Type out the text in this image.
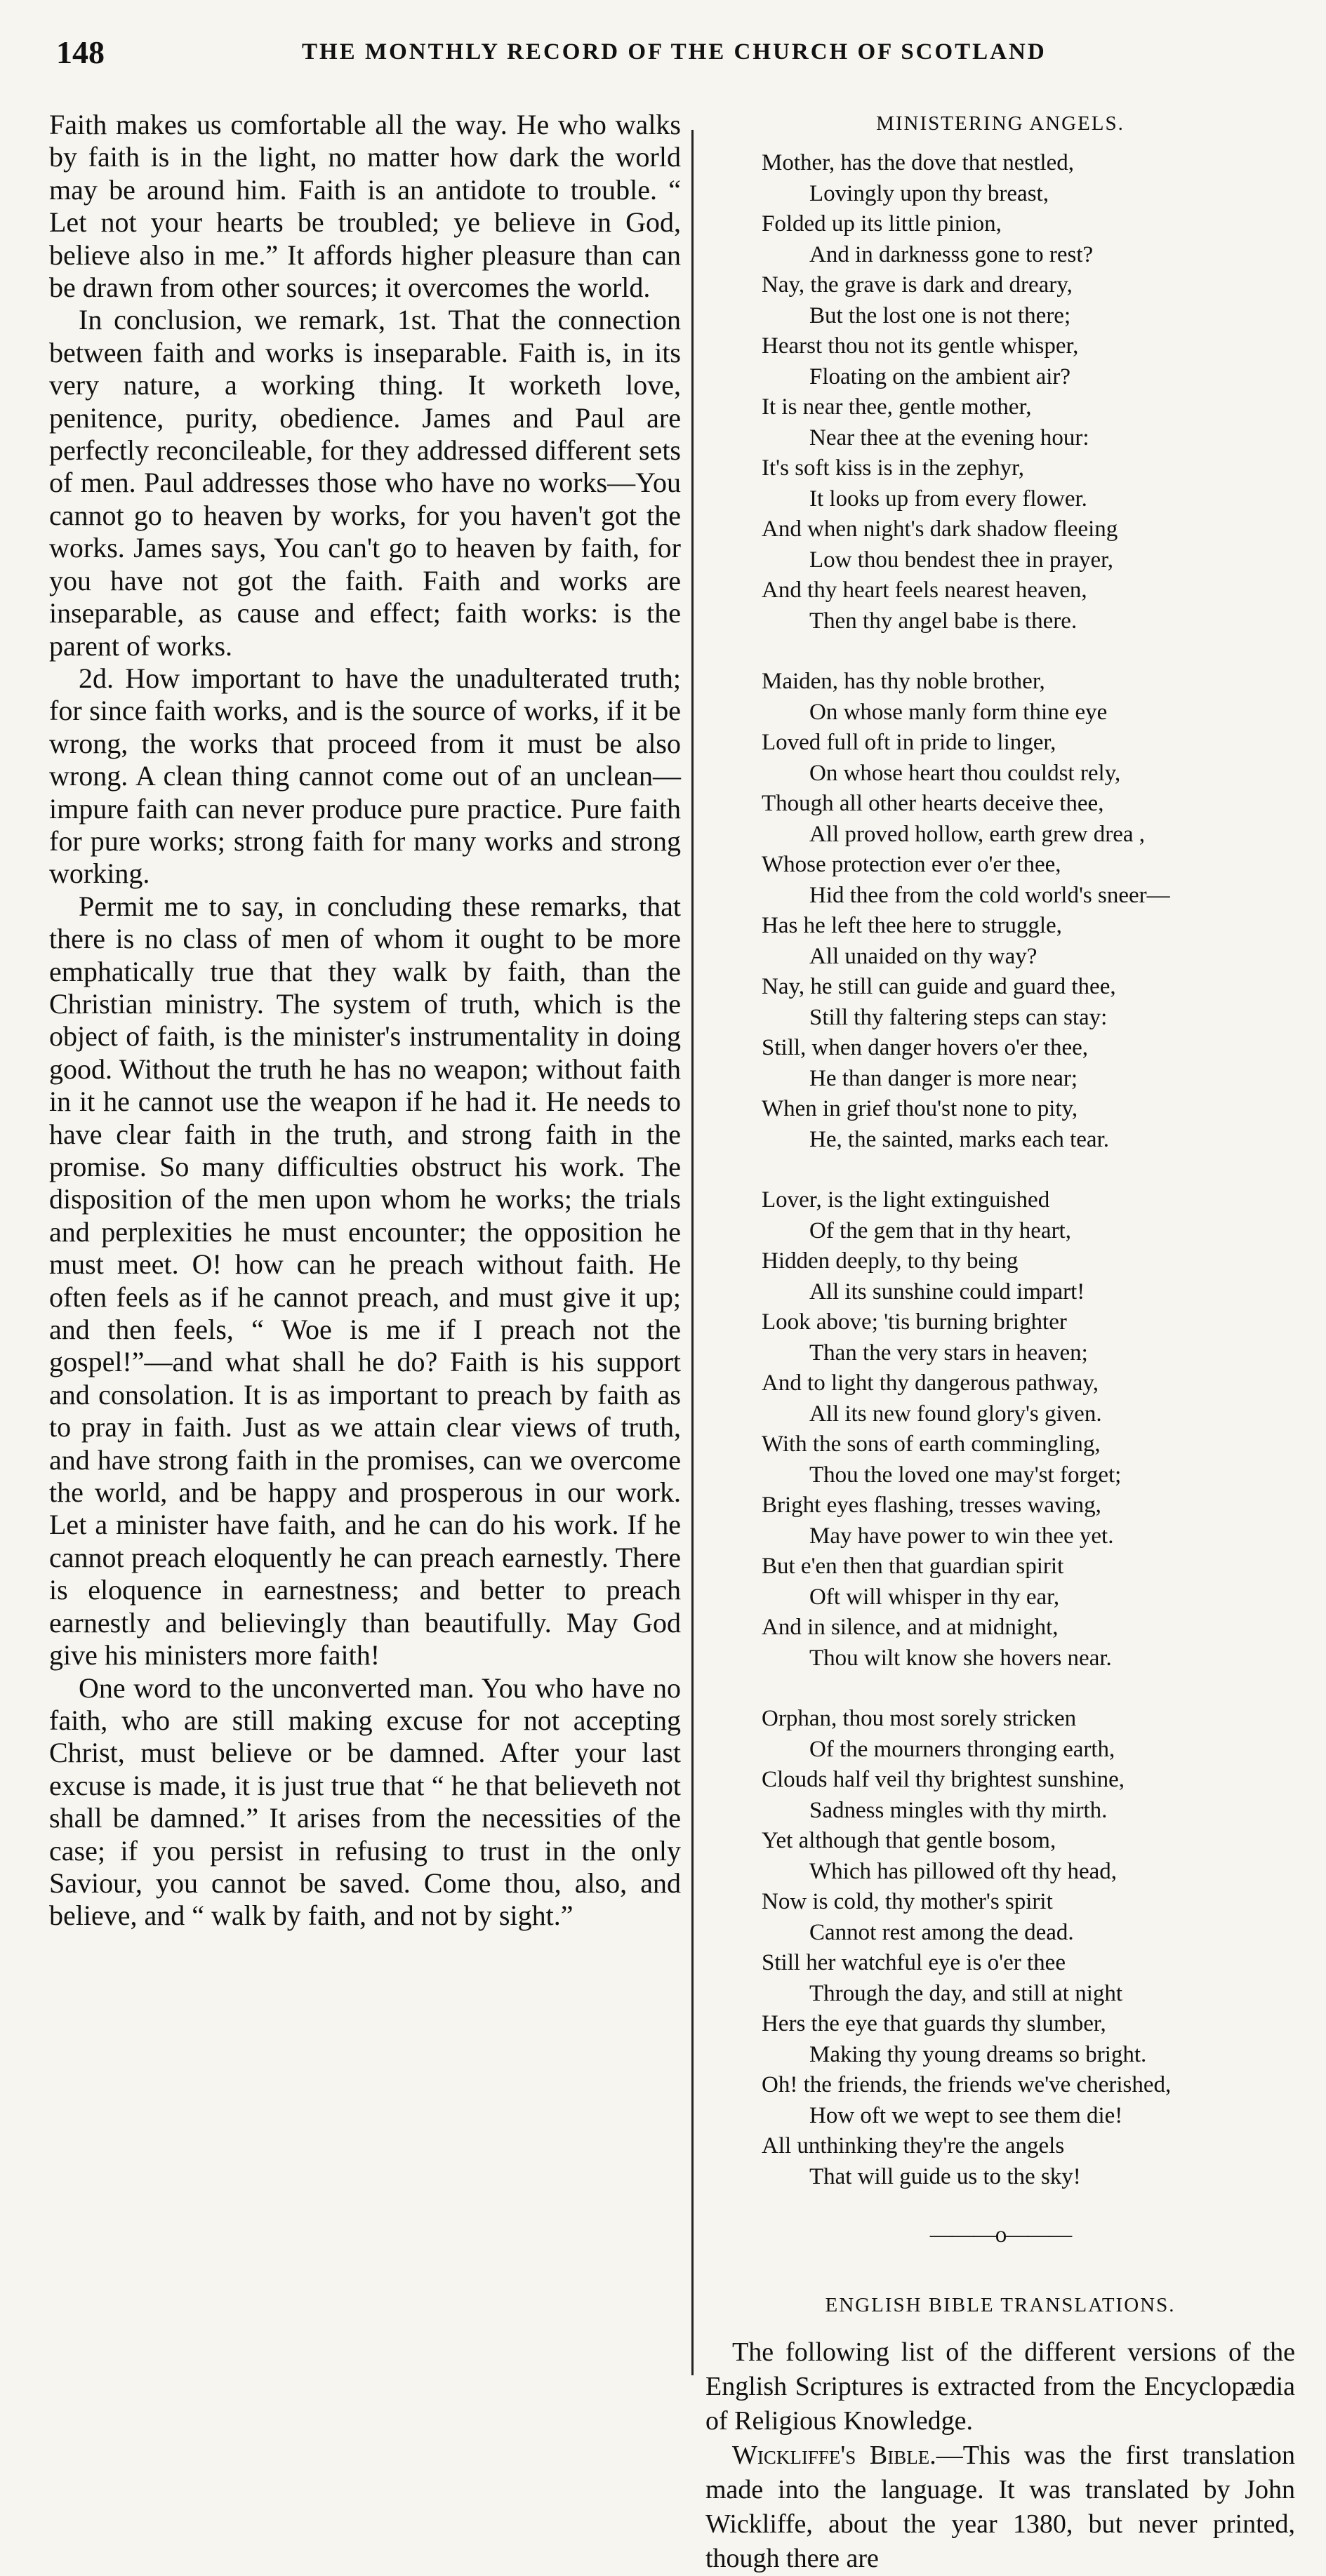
148	THE MONTHLY RECORD OF THE CHURCH OF SCOTLAND

Faith makes us comfortable all the way. He who walks by faith is in the light, no matter how dark the world may be around him. Faith is an antidote to trouble. “ Let not your hearts be troubled; ye believe in God, believe also in me.” It affords higher pleasure than can be drawn from other sources; it overcomes the world.

In conclusion, we remark, 1st. That the connection between faith and works is inseparable. Faith is, in its very nature, a working thing. It worketh love, penitence, purity, obedience. James and Paul are perfectly reconcileable, for they addressed different sets of men. Paul addresses those who have no works—You cannot go to heaven by works, for you haven't got the works. James says, You can't go to heaven by faith, for you have not got the faith. Faith and works are inseparable, as cause and effect; faith works: is the parent of works.

2d. How important to have the unadulterated truth; for since faith works, and is the source of works, if it be wrong, the works that proceed from it must be also wrong. A clean thing cannot come out of an unclean—impure faith can never produce pure practice. Pure faith for pure works; strong faith for many works and strong working.

Permit me to say, in concluding these remarks, that there is no class of men of whom it ought to be more emphatically true that they walk by faith, than the Christian ministry. The system of truth, which is the object of faith, is the minister's instrumentality in doing good. Without the truth he has no weapon; without faith in it he cannot use the weapon if he had it. He needs to have clear faith in the truth, and strong faith in the promise. So many difficulties obstruct his work. The disposition of the men upon whom he works; the trials and perplexities he must encounter; the opposition he must meet. O! how can he preach without faith. He often feels as if he cannot preach, and must give it up; and then feels, “ Woe is me if I preach not the gospel!”—and what shall he do? Faith is his support and consolation. It is as important to preach by faith as to pray in faith. Just as we attain clear views of truth, and have strong faith in the promises, can we overcome the world, and be happy and prosperous in our work. Let a minister have faith, and he can do his work. If he cannot preach eloquently he can preach earnestly. There is eloquence in earnestness; and better to preach earnestly and believingly than beautifully. May God give his ministers more faith!

One word to the unconverted man. You who have no faith, who are still making excuse for not accepting Christ, must believe or be damned. After your last excuse is made, it is just true that “ he that believeth not shall be damned.” It arises from the necessities of the case; if you persist in refusing to trust in the only Saviour, you cannot be saved. Come thou, also, and believe, and “ walk by faith, and not by sight.”

MINISTERING ANGELS.
Mother, has the dove that nestled,
Lovingly upon thy breast,
Folded up its little pinion,
And in darknesss gone to rest?
Nay, the grave is dark and dreary,
But the lost one is not there;
Hearst thou not its gentle whisper,
Floating on the ambient air?
It is near thee, gentle mother,
Near thee at the evening hour:
It's soft kiss is in the zephyr,
It looks up from every flower.
And when night's dark shadow fleeing
Low thou bendest thee in prayer,
And thy heart feels nearest heaven,
Then thy angel babe is there.
Maiden, has thy noble brother,
On whose manly form thine eye
Loved full oft in pride to linger,
On whose heart thou couldst rely,
Though all other hearts deceive thee,
All proved hollow, earth grew drea ,
Whose protection ever o'er thee,
Hid thee from the cold world's sneer—
Has he left thee here to struggle,
All unaided on thy way?
Nay, he still can guide and guard thee,
Still thy faltering steps can stay:
Still, when danger hovers o'er thee,
He than danger is more near;
When in grief thou'st none to pity,
He, the sainted, marks each tear.
Lover, is the light extinguished
Of the gem that in thy heart,
Hidden deeply, to thy being
All its sunshine could impart!
Look above; 'tis burning brighter
Than the very stars in heaven;
And to light thy dangerous pathway,
All its new found glory's given.
With the sons of earth commingling,
Thou the loved one may'st forget;
Bright eyes flashing, tresses waving,
May have power to win thee yet.
But e'en then that guardian spirit
Oft will whisper in thy ear,
And in silence, and at midnight,
Thou wilt know she hovers near.
Orphan, thou most sorely stricken
Of the mourners thronging earth,
Clouds half veil thy brightest sunshine,
Sadness mingles with thy mirth.
Yet although that gentle bosom,
Which has pillowed oft thy head,
Now is cold, thy mother's spirit
Cannot rest among the dead.
Still her watchful eye is o'er thee
Through the day, and still at night
Hers the eye that guards thy slumber,
Making thy young dreams so bright.
Oh! the friends, the friends we've cherished,
How oft we wept to see them die!
All unthinking they're the angels
That will guide us to the sky!
———o———
ENGLISH BIBLE TRANSLATIONS.

The following list of the different versions of the English Scriptures is extracted from the Encyclopædia of Religious Knowledge.

Wickliffe's Bible.—This was the first translation made into the language. It was translated by John Wickliffe, about the year 1380, but never printed, though there are
